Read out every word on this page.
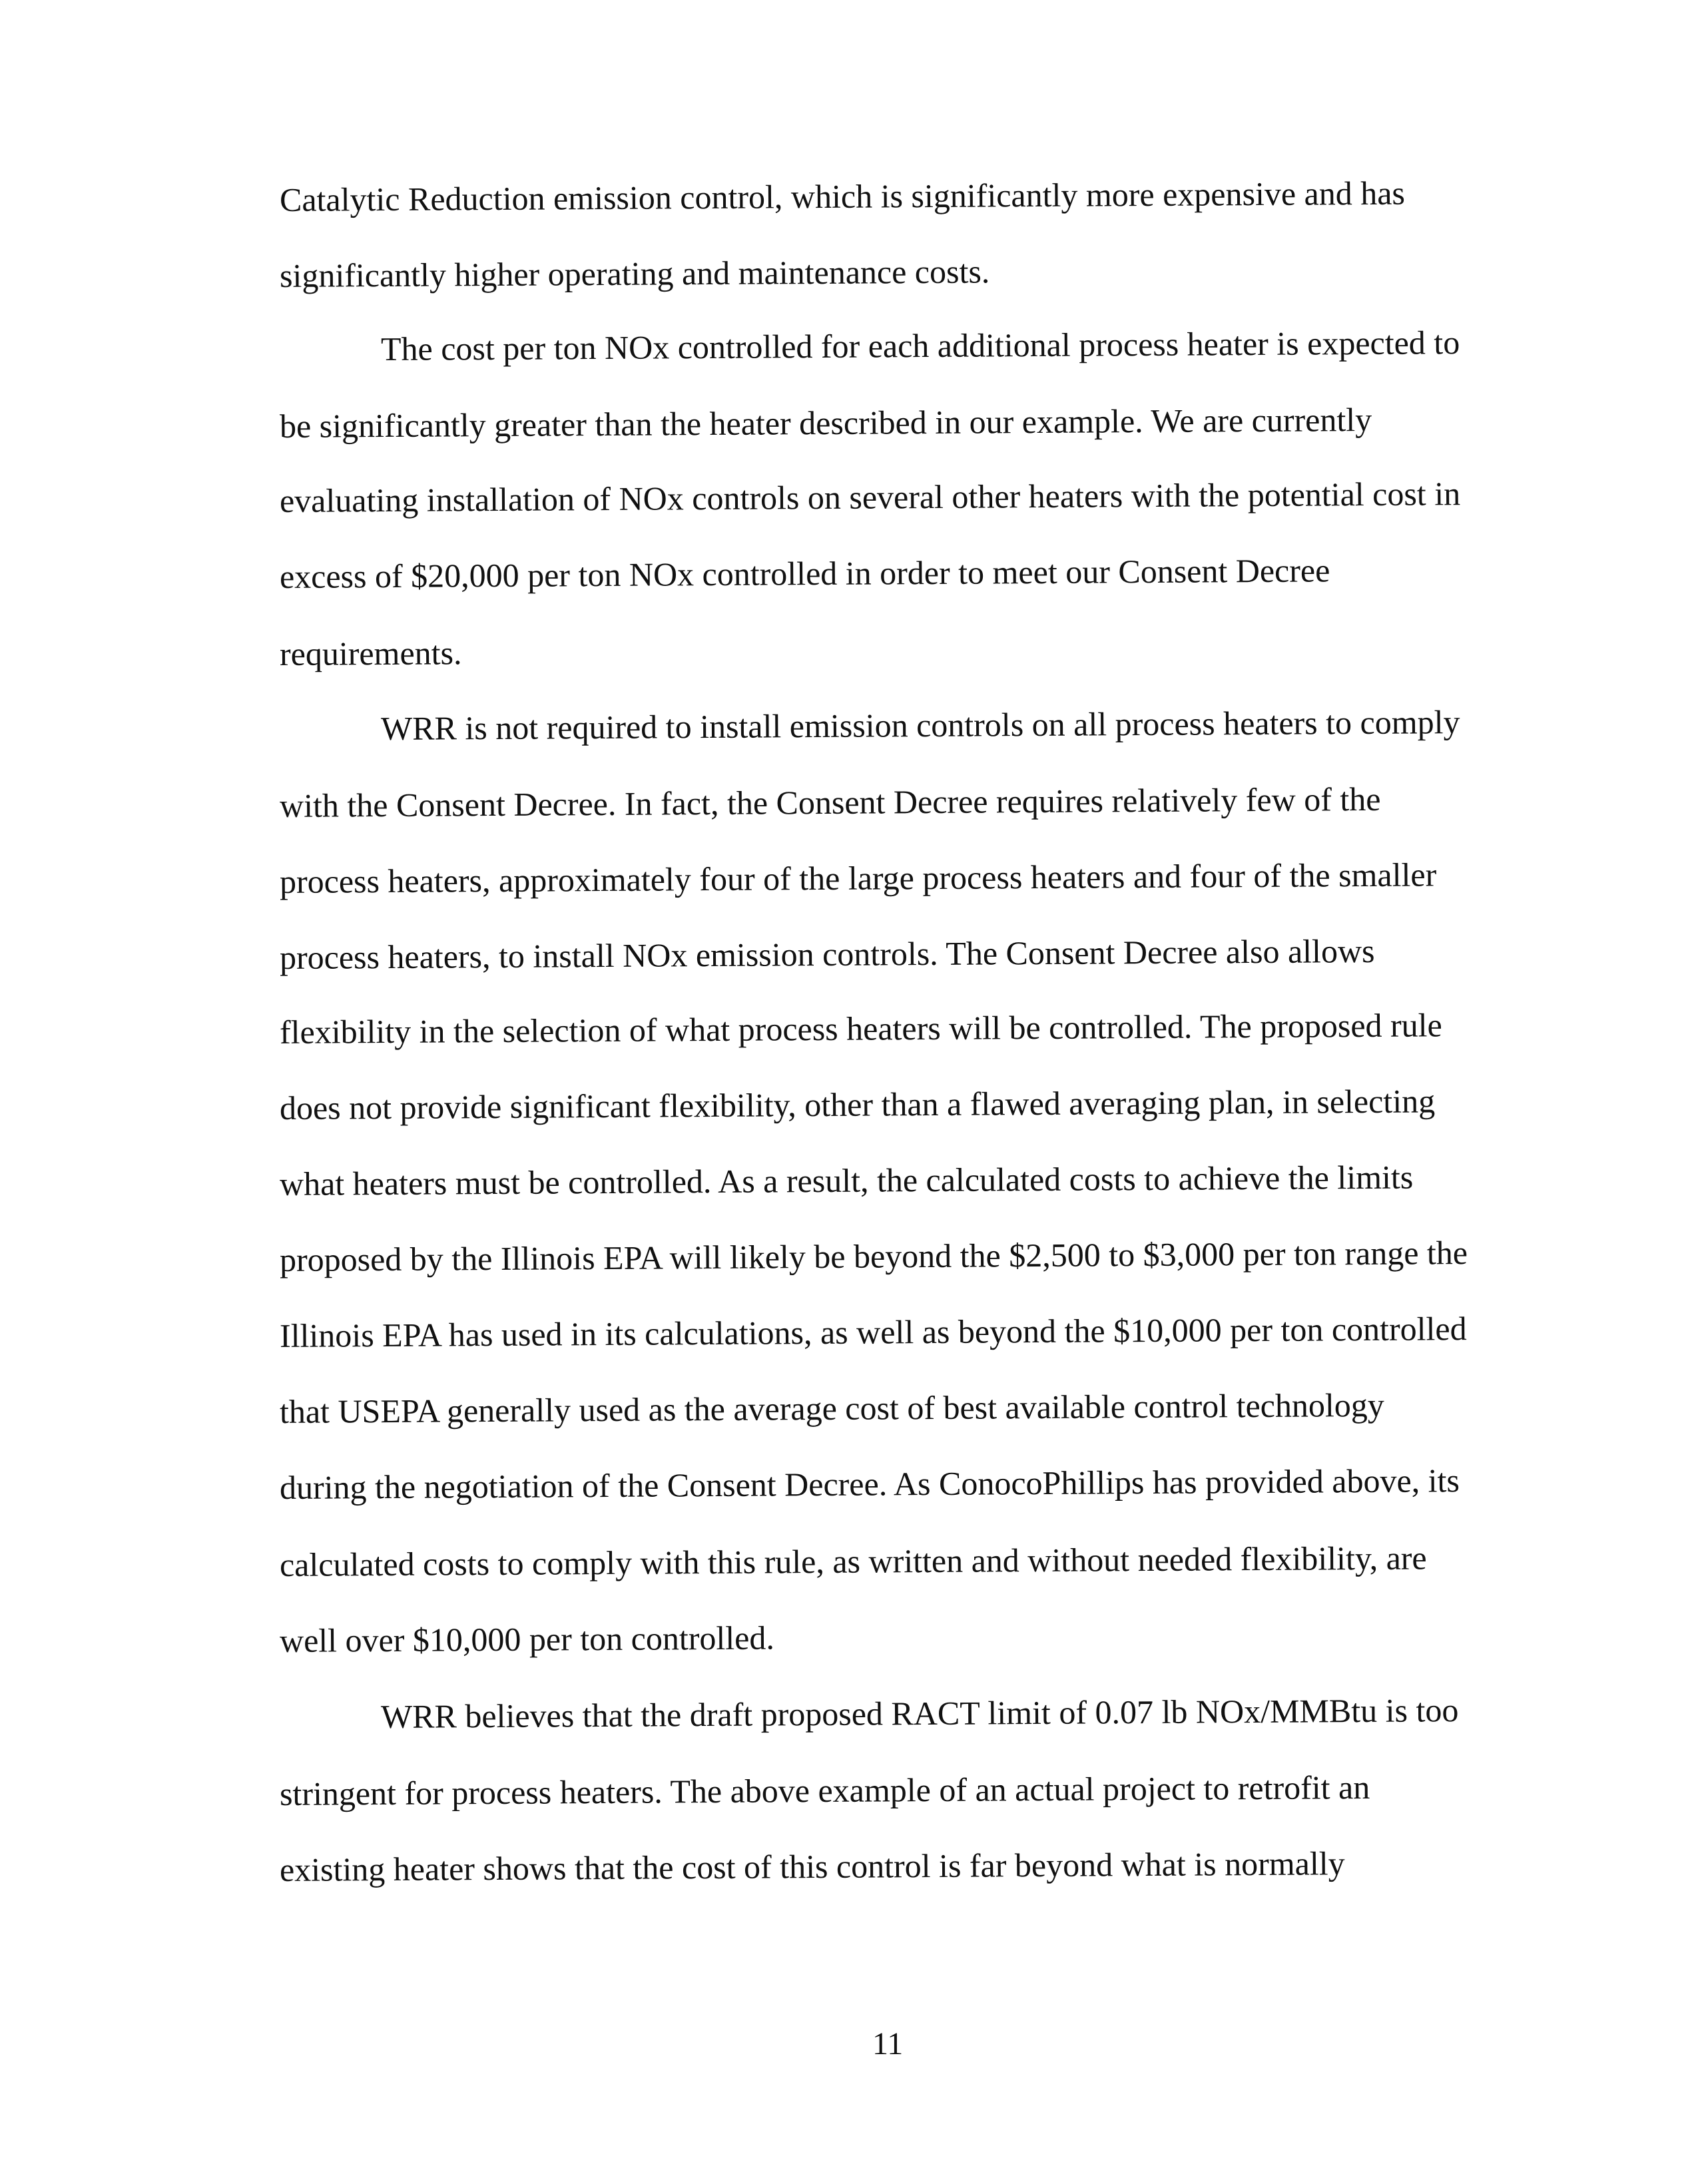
Catalytic Reduction emission control, which is significantly more expensive and has

significantly higher operating and maintenance costs.

The cost per ton NOx controlled for each additional process heater is expected to

be significantly greater than the heater described in our example. We are currently

evaluating installation of NOx controls on several other heaters with the potential cost in

excess of $20,000 per ton NOx controlled in order to meet our Consent Decree

requirements.

WRR is not required to install emission controls on all process heaters to comply

with the Consent Decree. In fact, the Consent Decree requires relatively few of the

process heaters, approximately four of the large process heaters and four of the smaller

process heaters, to install NOx emission controls. The Consent Decree also allows

flexibility in the selection of what process heaters will be controlled. The proposed rule

does not provide significant flexibility, other than a flawed averaging plan, in selecting

what heaters must be controlled. As a result, the calculated costs to achieve the limits

proposed by the Illinois EPA will likely be beyond the $2,500 to $3,000 per ton range the

Illinois EPA has used in its calculations, as well as beyond the $10,000 per ton controlled

that USEPA generally used as the average cost of best available control technology

during the negotiation of the Consent Decree. As ConocoPhillips has provided above, its

calculated costs to comply with this rule, as written and without needed flexibility, are

well over $10,000 per ton controlled.

WRR believes that the draft proposed RACT limit of 0.07 lb NOx/MMBtu is too

stringent for process heaters. The above example of an actual project to retrofit an

existing heater shows that the cost of this control is far beyond what is normally

11
